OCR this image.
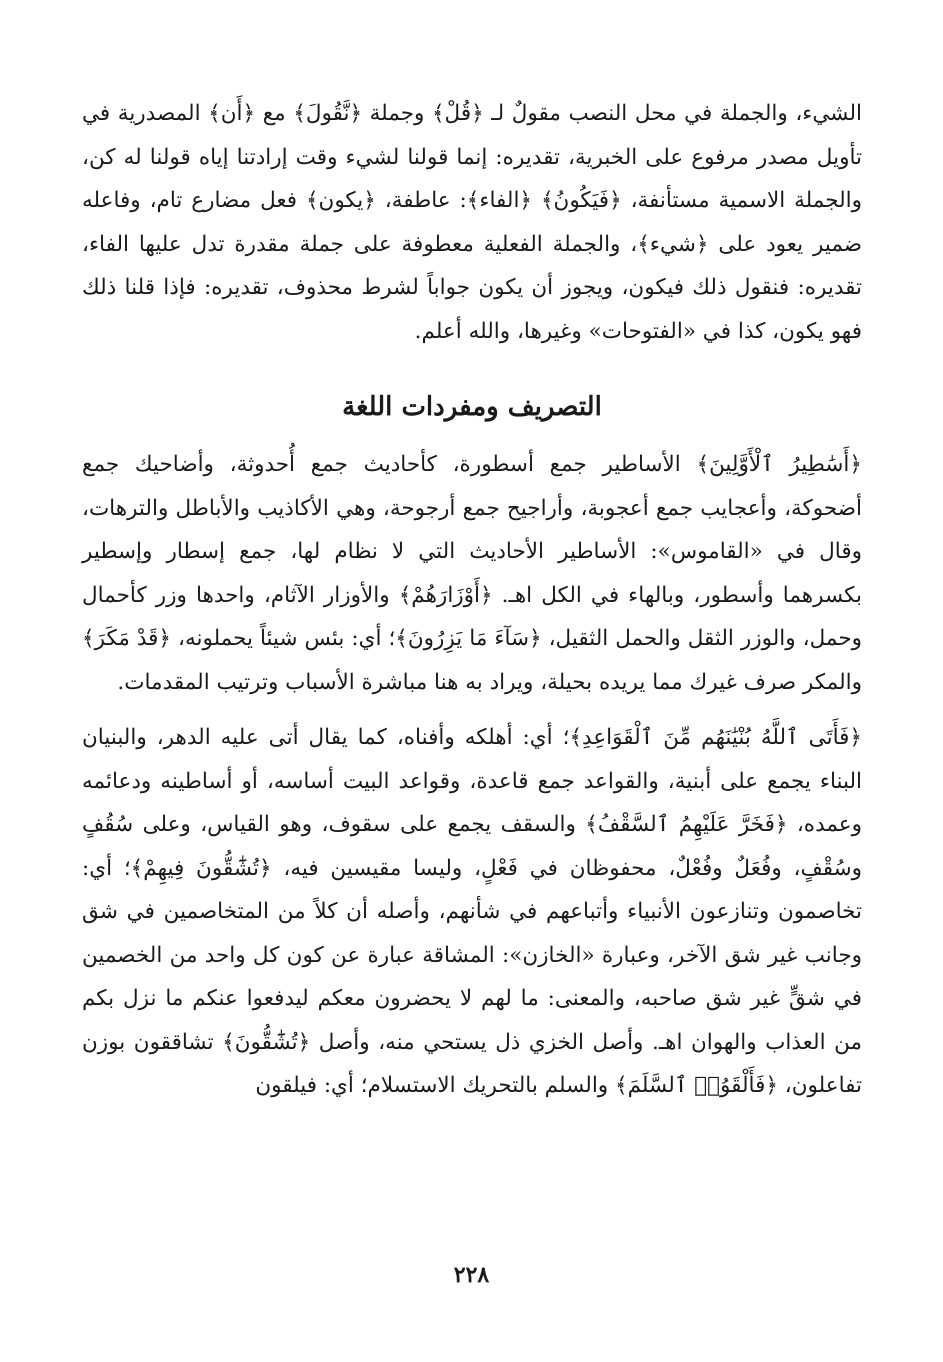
الشيء، والجملة في محل النصب مقولٌ لـ ﴿قُلْ﴾ وجملة ﴿نَّقُولَ﴾ مع ﴿أَن﴾ المصدرية في تأويل مصدر مرفوع على الخبرية، تقديره: إنما قولنا لشيء وقت إرادتنا إياه قولنا له كن، والجملة الاسمية مستأنفة، ﴿فَيَكُونُ﴾ ﴿الفاء﴾: عاطفة، ﴿يكون﴾ فعل مضارع تام، وفاعله ضمير يعود على ﴿شيء﴾، والجملة الفعلية معطوفة على جملة مقدرة تدل عليها الفاء، تقديره: فنقول ذلك فيكون، ويجوز أن يكون جواباً لشرط محذوف، تقديره: فإذا قلنا ذلك فهو يكون، كذا في «الفتوحات» وغيرها، والله أعلم.

التصريف ومفردات اللغة

﴿أَسَٰطِيرُ ٱلْأَوَّلِينَ﴾ الأساطير جمع أسطورة، كأحاديث جمع أُحدوثة، وأضاحيك جمع أضحوكة، وأعجايب جمع أعجوبة، وأراجيح جمع أرجوحة، وهي الأكاذيب والأباطل والترهات، وقال في «القاموس»: الأساطير الأحاديث التي لا نظام لها، جمع إسطار وإسطير بكسرهما وأسطور، وبالهاء في الكل اهـ. ﴿أَوْزَارَهُمْ﴾ والأوزار الآثام، واحدها وزر كأحمال وحمل، والوزر الثقل والحمل الثقيل، ﴿سَآءَ مَا يَزِرُونَ﴾؛ أي: بئس شيئاً يحملونه، ﴿قَدْ مَكَرَ﴾ والمكر صرف غيرك مما يريده بحيلة، ويراد به هنا مباشرة الأسباب وترتيب المقدمات.

﴿فَأَتَى ٱللَّهُ بُنْيَٰنَهُم مِّنَ ٱلْقَوَاعِدِ﴾؛ أي: أهلكه وأفناه، كما يقال أتى عليه الدهر، والبنيان البناء يجمع على أبنية، والقواعد جمع قاعدة، وقواعد البيت أساسه، أو أساطينه ودعائمه وعمده، ﴿فَخَرَّ عَلَيْهِمُ ٱلسَّقْفُ﴾ والسقف يجمع على سقوف، وهو القياس، وعلى سُقُفٍ وسُقْفٍ، وفُعَلٌ وفُعْلٌ، محفوظان في فَعْلٍ، وليسا مقيسين فيه، ﴿تُشَٰٓقُّونَ فِيهِمْ﴾؛ أي: تخاصمون وتنازعون الأنبياء وأتباعهم في شأنهم، وأصله أن كلاً من المتخاصمين في شق وجانب غير شق الآخر، وعبارة «الخازن»: المشاقة عبارة عن كون كل واحد من الخصمين في شقٍّ غير شق صاحبه، والمعنى: ما لهم لا يحضرون معكم ليدفعوا عنكم ما نزل بكم من العذاب والهوان اهـ. وأصل الخزي ذل يستحي منه، وأصل ﴿تُشَٰٓقُّونَ﴾ تشاققون بوزن تفاعلون، ﴿فَأَلْقَوُا۟ ٱلسَّلَمَ﴾ والسلم بالتحريك الاستسلام؛ أي: فيلقون

٢٢٨
